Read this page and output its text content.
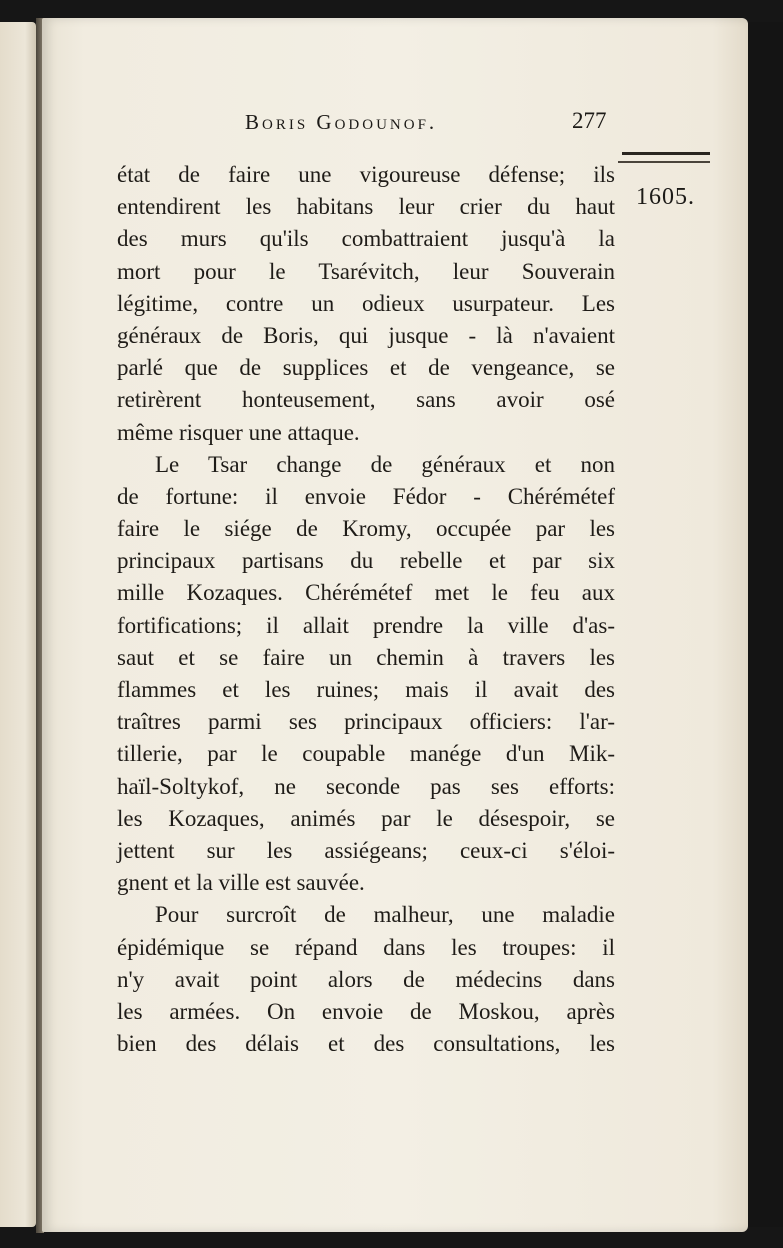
Boris Godounof.	277
1605.
état de faire une vigoureuse défense; ils
entendirent les habitans leur crier du haut
des murs qu'ils combattraient jusqu'à la
mort pour le Tsarévitch, leur Souverain
légitime, contre un odieux usurpateur. Les
généraux de Boris, qui jusque - là n'avaient
parlé que de supplices et de vengeance, se
retirèrent honteusement, sans avoir osé
même risquer une attaque.
Le Tsar change de généraux et non
de fortune: il envoie Fédor - Chérémétef
faire le siége de Kromy, occupée par les
principaux partisans du rebelle et par six
mille Kozaques. Chérémétef met le feu aux
fortifications; il allait prendre la ville d'as-
saut et se faire un chemin à travers les
flammes et les ruines; mais il avait des
traîtres parmi ses principaux officiers: l'ar-
tillerie, par le coupable manége d'un Mik-
haïl-Soltykof, ne seconde pas ses efforts:
les Kozaques, animés par le désespoir, se
jettent sur les assiégeans; ceux-ci s'éloi-
gnent et la ville est sauvée.
Pour surcroît de malheur, une maladie
épidémique se répand dans les troupes: il
n'y avait point alors de médecins dans
les armées. On envoie de Moskou, après
bien des délais et des consultations, les
